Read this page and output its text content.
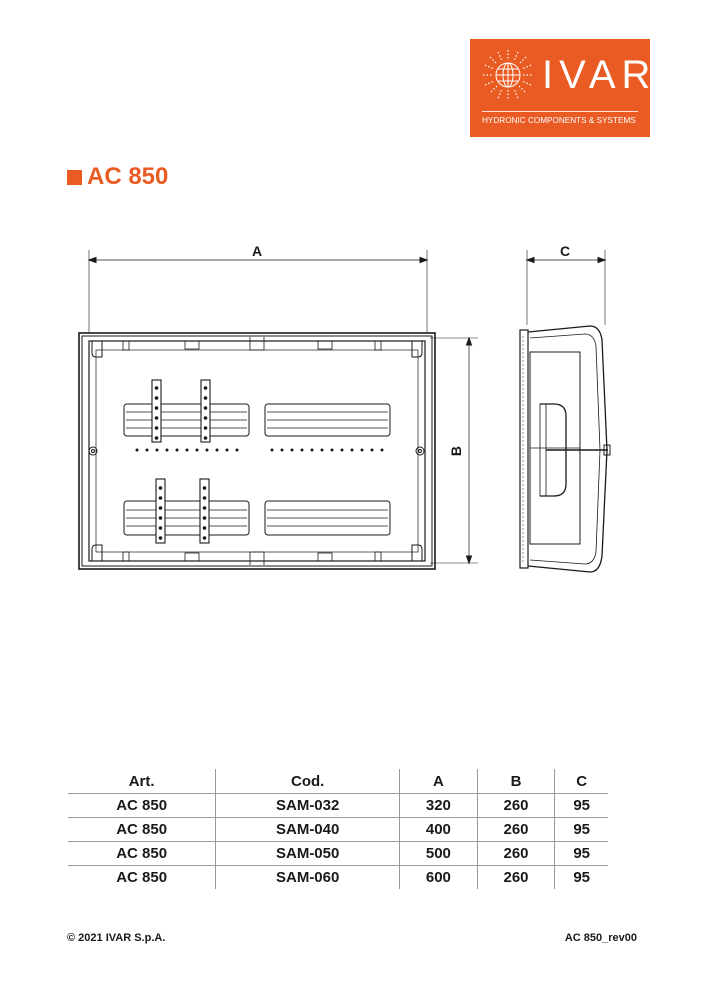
IVAR
HYDRONIC COMPONENTS & SYSTEMS
AC 850
A	C
B
Art.	Cod.	A	B	C
AC 850	SAM-032	320	260	95
AC 850	SAM-040	400	260	95
AC 850	SAM-050	500	260	95
AC 850	SAM-060	600	260	95
© 2021 IVAR S.p.A.	AC 850_rev00
